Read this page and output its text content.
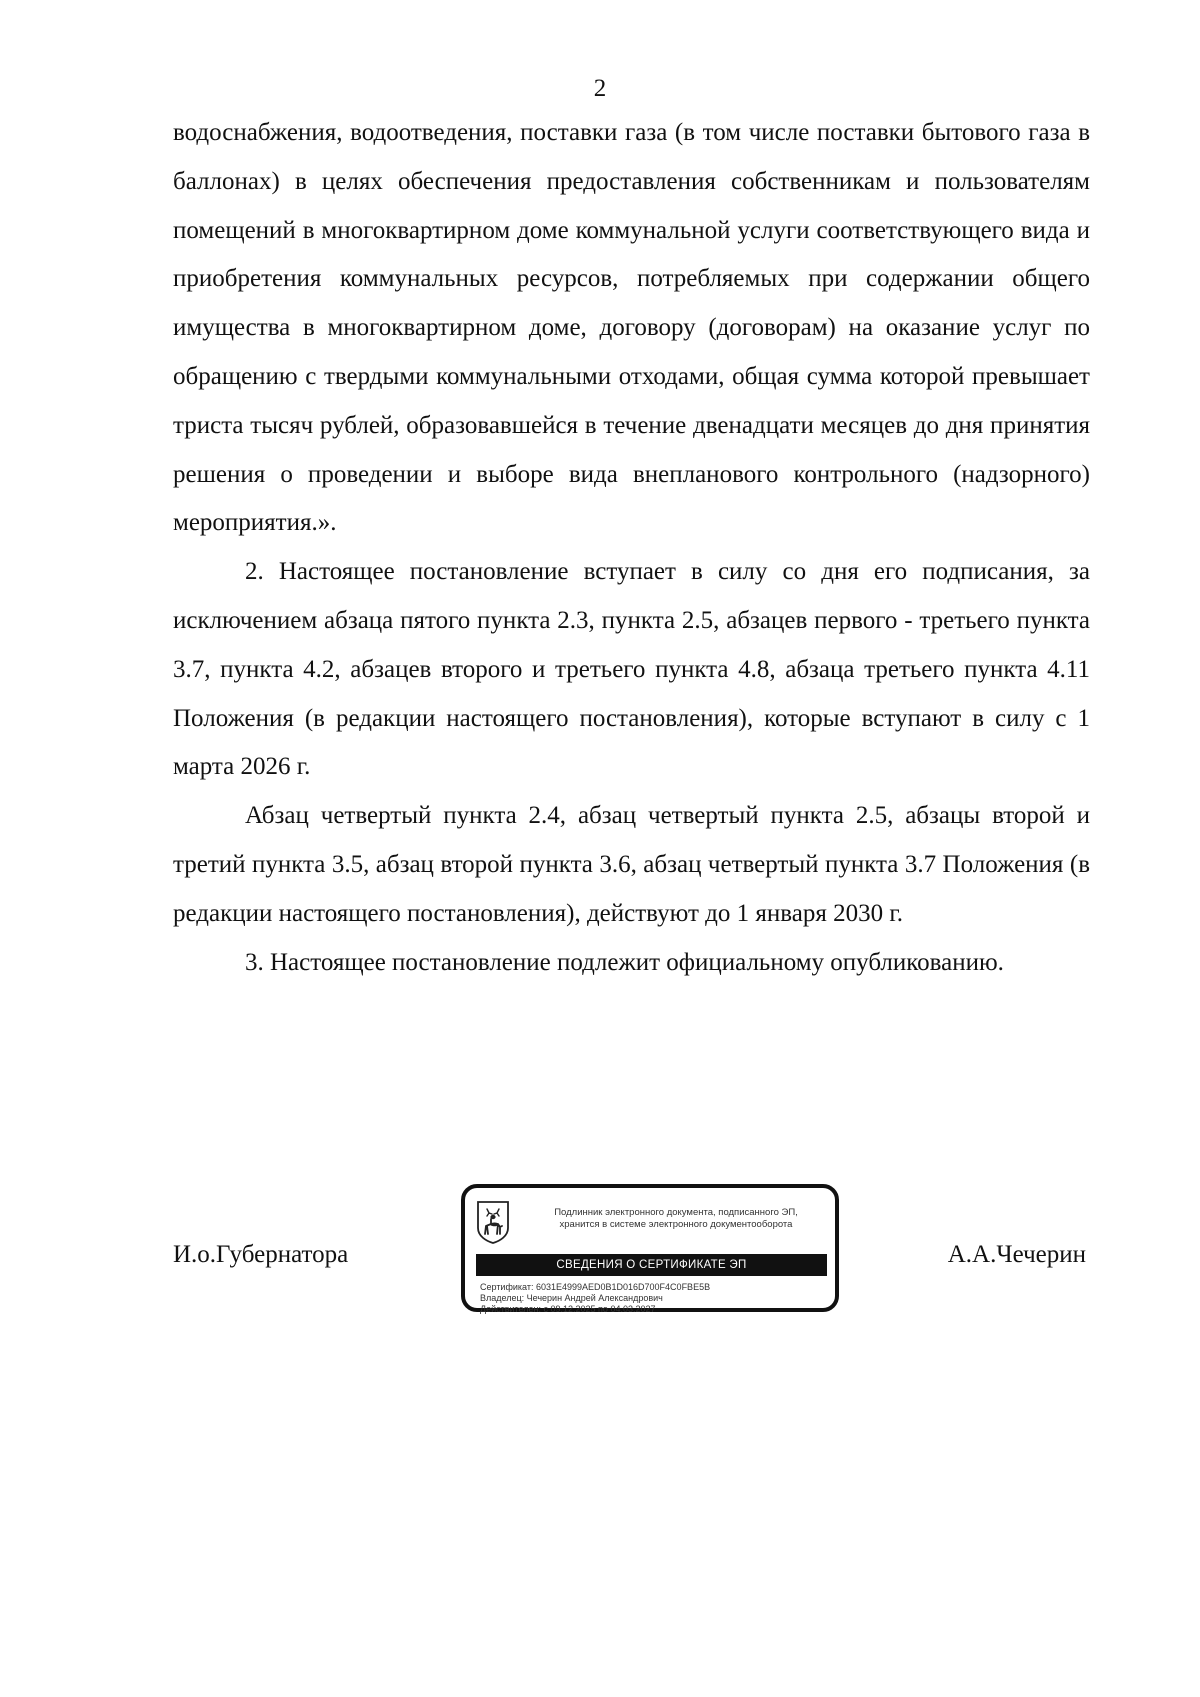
2

водоснабжения, водоотведения, поставки газа (в том числе поставки бытового газа в баллонах) в целях обеспечения предоставления собственникам и пользователям помещений в многоквартирном доме коммунальной услуги соответствующего вида и приобретения коммунальных ресурсов, потребляемых при содержании общего имущества в многоквартирном доме, договору (договорам) на оказание услуг по обращению с твердыми коммунальными отходами, общая сумма которой превышает триста тысяч рублей, образовавшейся в течение двенадцати месяцев до дня принятия решения о проведении и выборе вида внепланового контрольного (надзорного) мероприятия.».

2. Настоящее постановление вступает в силу со дня его подписания, за исключением абзаца пятого пункта 2.3, пункта 2.5, абзацев первого - третьего пункта 3.7, пункта 4.2, абзацев второго и третьего пункта 4.8, абзаца третьего пункта 4.11 Положения (в редакции настоящего постановления), которые вступают в силу с 1 марта 2026 г.

Абзац четвертый пункта 2.4, абзац четвертый пункта 2.5, абзацы второй и третий пункта 3.5, абзац второй пункта 3.6, абзац четвертый пункта 3.7 Положения (в редакции настоящего постановления), действуют до 1 января 2030 г.

3. Настоящее постановление подлежит официальному опубликованию.

И.о.Губернатора
Подлинник электронного документа, подписанного ЭП,
хранится в системе электронного документооборота
СВЕДЕНИЯ О СЕРТИФИКАТЕ ЭП
Сертификат: 6031E4999AED0B1D016D700F4C0FBE5B
Владелец: Чечерин Андрей Александрович
Действителен: с 09.12.2025 по 04.03.2027
А.А.Чечерин
